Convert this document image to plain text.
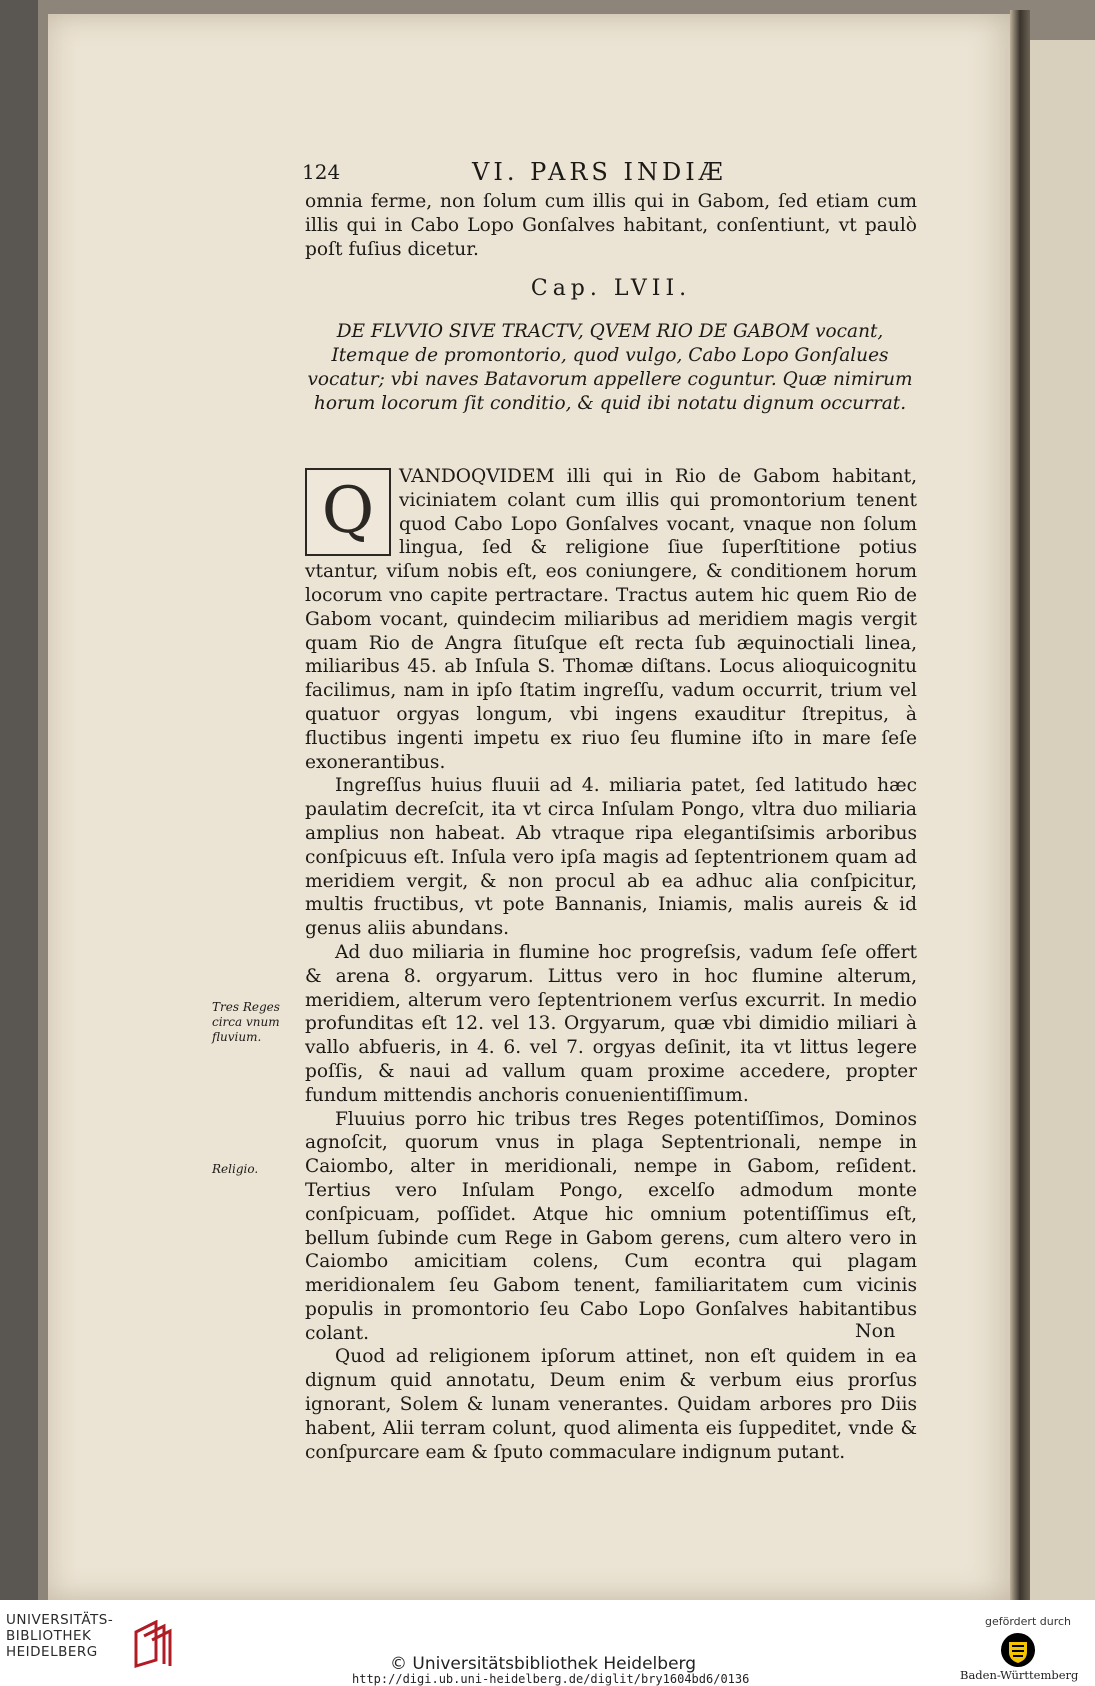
124	VI. PARS INDIÆ
omnia ferme, non ſolum cum illis qui in Gabom, ſed etiam cum illis qui in Cabo Lopo Gonſalves habitant, conſentiunt, vt paulò poſt fuſius dicetur.
Cap. LVII.
DE FLVVIO SIVE TRACTV, QVEM RIO DE GABOM vocant, Itemque de promontorio, quod vulgo, Cabo Lopo Gonſalues vocatur; vbi naves Batavorum appellere coguntur. Quæ nimirum horum locorum ſit conditio, & quid ibi notatu dignum occurrat.

Q	VANDOQVIDEM illi qui in Rio de Gabom habitant, viciniatem colant cum illis qui promontorium tenent quod Cabo Lopo Gonſalves vocant, vnaque non ſolum lingua, ſed & religione ſiue ſuperſtitione potius vtantur, viſum nobis eſt, eos coniungere, & conditionem horum locorum vno capite pertractare. Tractus autem hic quem Rio de Gabom vocant, quindecim miliaribus ad meridiem magis vergit quam Rio de Angra ſituſque eſt recta ſub æquinoctiali linea, miliaribus 45. ab Inſula S. Thomæ diſtans. Locus alioquicognitu facilimus, nam in ipſo ſtatim ingreſſu, vadum occurrit, trium vel quatuor orgyas longum, vbi ingens exauditur ſtrepitus, à fluctibus ingenti impetu ex riuo ſeu flumine iſto in mare ſeſe exonerantibus.

Ingreſſus huius fluuii ad 4. miliaria patet, ſed latitudo hæc paulatim decreſcit, ita vt circa Inſulam Pongo, vltra duo miliaria amplius non habeat. Ab vtraque ripa elegantiſsimis arboribus conſpicuus eſt. Inſula vero ipſa magis ad ſeptentrionem quam ad meridiem vergit, & non procul ab ea adhuc alia conſpicitur, multis fructibus, vt pote Bannanis, Iniamis, malis aureis & id genus aliis abundans.

Ad duo miliaria in flumine hoc progreſsis, vadum ſeſe offert & arena 8. orgyarum. Littus vero in hoc flumine alterum, meridiem, alterum vero ſeptentrionem verſus excurrit. In medio profunditas eſt 12. vel 13. Orgyarum, quæ vbi dimidio miliari à vallo abfueris, in 4. 6. vel 7. orgyas deſinit, ita vt littus legere poſſis, & naui ad vallum quam proxime accedere, propter fundum mittendis anchoris conuenientiſſimum.

Fluuius porro hic tribus tres Reges potentiſſimos, Dominos agnoſcit, quorum vnus in plaga Septentrionali, nempe in Caiombo, alter in meridionali, nempe in Gabom, reſident. Tertius vero Inſulam Pongo, excelſo admodum monte conſpicuam, poſſidet. Atque hic omnium potentiſſimus eſt, bellum ſubinde cum Rege in Gabom gerens, cum altero vero in Caiombo amicitiam colens, Cum econtra qui plagam meridionalem ſeu Gabom tenent, familiaritatem cum vicinis populis in promontorio ſeu Cabo Lopo Gonſalves habitantibus colant.

Quod ad religionem ipſorum attinet, non eſt quidem in ea dignum quid annotatu, Deum enim & verbum eius prorſus ignorant, Solem & lunam venerantes. Quidam arbores pro Diis habent, Alii terram colunt, quod alimenta eis ſuppeditet, vnde & conſpurcare eam & ſputo commaculare indignum putant.

Tres Reges circa vnum fluvium.
Religio.
Non
UNIVERSITÄTS-
BIBLIOTHEK
HEIDELBERG
© Universitätsbibliothek Heidelberg
http://digi.ub.uni-heidelberg.de/diglit/bry1604bd6/0136
gefördert durch
Baden-Württemberg
